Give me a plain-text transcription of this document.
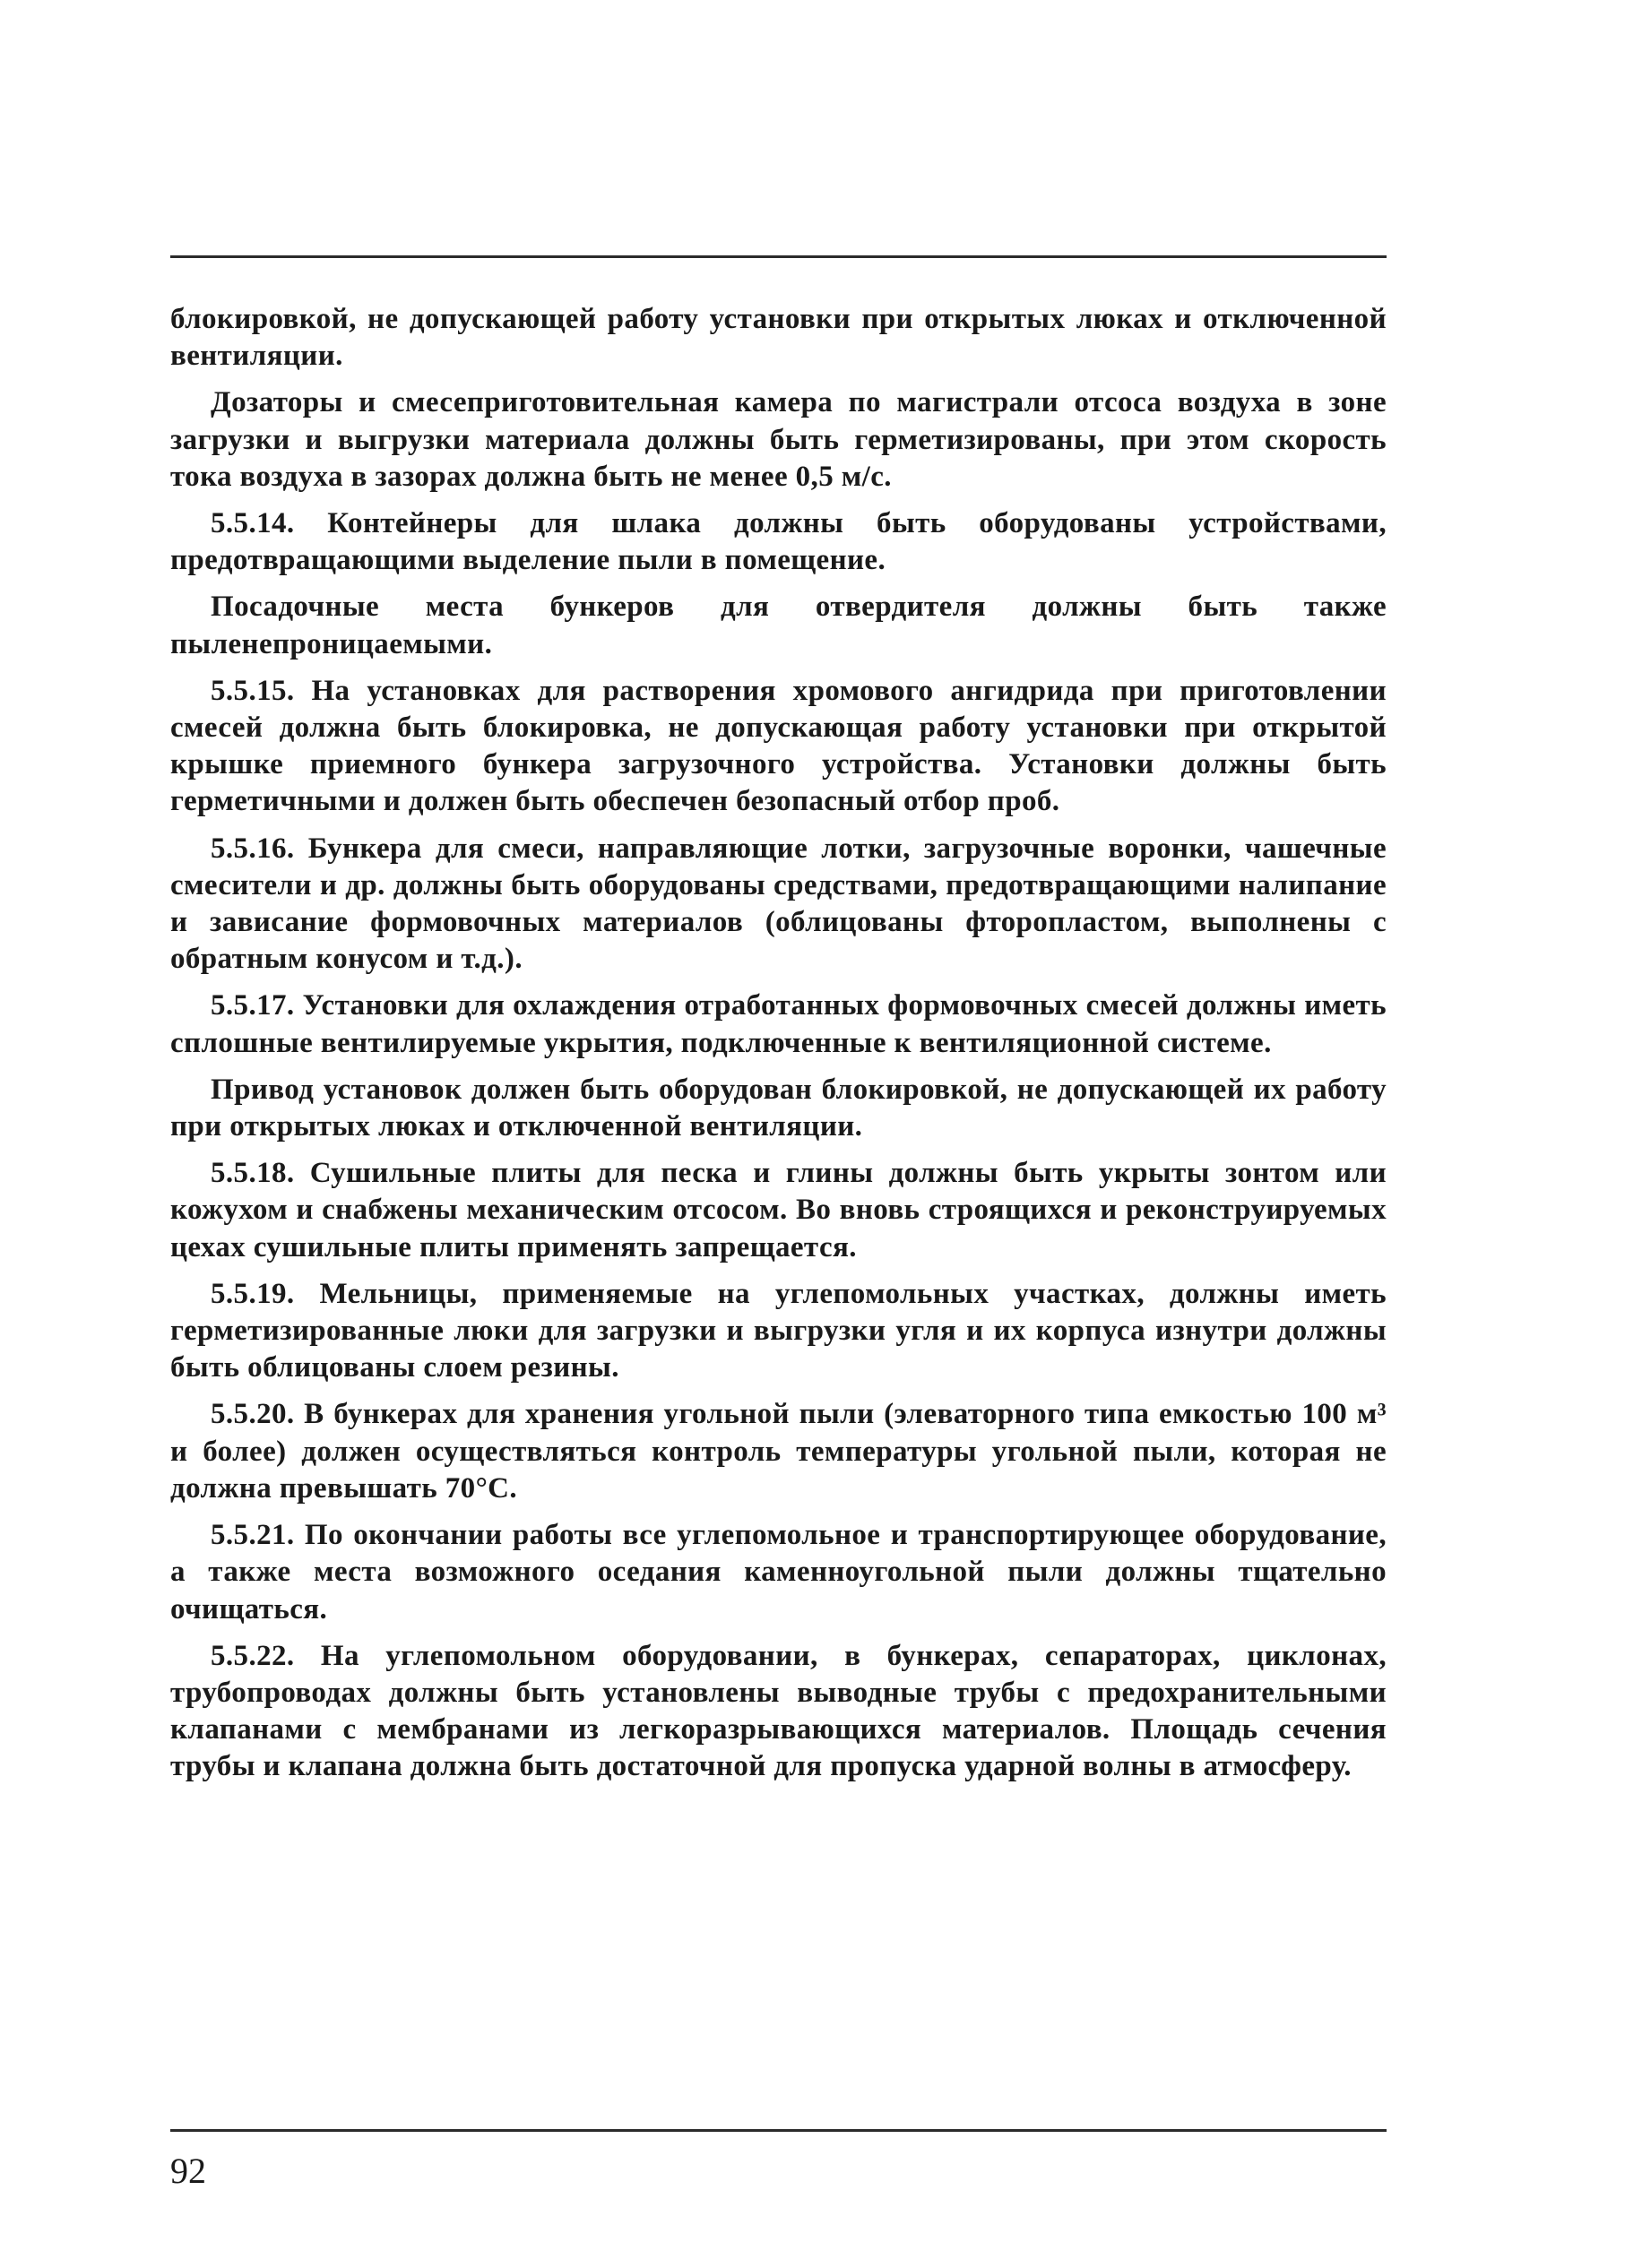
блокировкой, не допускающей работу установки при открытых люках и отключенной вентиляции.

Дозаторы и смесеприготовительная камера по магистрали отсоса воздуха в зоне загрузки и выгрузки материала должны быть герметизированы, при этом скорость тока воздуха в зазорах должна быть не менее 0,5 м/с.

5.5.14. Контейнеры для шлака должны быть оборудованы устройствами, предотвращающими выделение пыли в помещение.

Посадочные места бункеров для отвердителя должны быть также пыленепроницаемыми.

5.5.15. На установках для растворения хромового ангидрида при приготовлении смесей должна быть блокировка, не допускающая работу установки при открытой крышке приемного бункера загрузочного устройства. Установки должны быть герметичными и должен быть обеспечен безопасный отбор проб.

5.5.16. Бункера для смеси, направляющие лотки, загрузочные воронки, чашечные смесители и др. должны быть оборудованы средствами, предотвращающими налипание и зависание формовочных материалов (облицованы фторопластом, выполнены с обратным конусом и т.д.).

5.5.17. Установки для охлаждения отработанных формовочных смесей должны иметь сплошные вентилируемые укрытия, подключенные к вентиляционной системе.

Привод установок должен быть оборудован блокировкой, не допускающей их работу при открытых люках и отключенной вентиляции.

5.5.18. Сушильные плиты для песка и глины должны быть укрыты зонтом или кожухом и снабжены механическим отсосом. Во вновь строящихся и реконструируемых цехах сушильные плиты применять запрещается.

5.5.19. Мельницы, применяемые на углепомольных участках, должны иметь герметизированные люки для загрузки и выгрузки угля и их корпуса изнутри должны быть облицованы слоем резины.

5.5.20. В бункерах для хранения угольной пыли (элеваторного типа емкостью 100 м³ и более) должен осуществляться контроль температуры угольной пыли, которая не должна превышать 70°С.

5.5.21. По окончании работы все углепомольное и транспортирующее оборудование, а также места возможного оседания каменноугольной пыли должны тщательно очищаться.

5.5.22. На углепомольном оборудовании, в бункерах, сепараторах, циклонах, трубопроводах должны быть установлены выводные трубы с предохранительными клапанами с мембранами из легкоразрывающихся материалов. Площадь сечения трубы и клапана должна быть достаточной для пропуска ударной волны в атмосферу.

92
